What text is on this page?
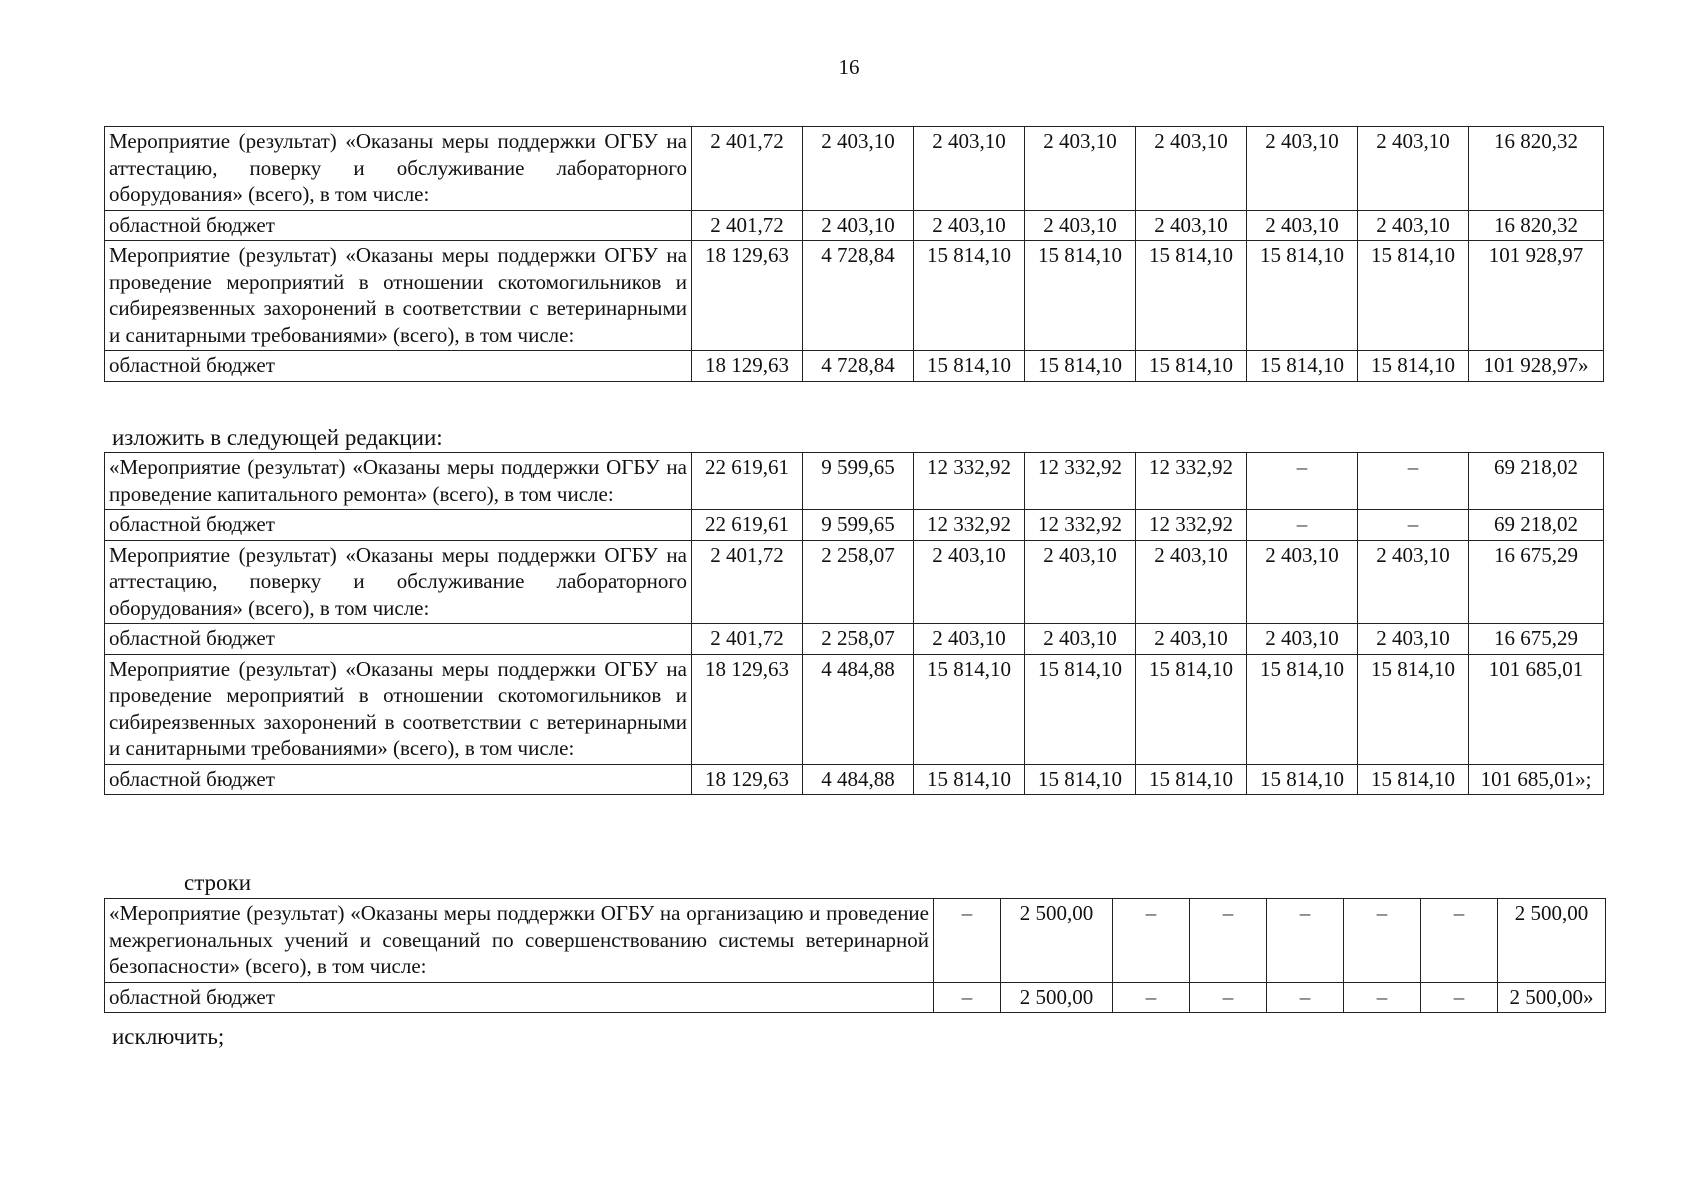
16
Мероприятие (результат) «Оказаны меры поддержки ОГБУ на аттестацию, поверку и обслуживание лабораторного оборудования» (всего), в том числе:	2 401,72	2 403,10	2 403,10	2 403,10	2 403,10	2 403,10	2 403,10	16 820,32
областной бюджет	2 401,72	2 403,10	2 403,10	2 403,10	2 403,10	2 403,10	2 403,10	16 820,32
Мероприятие (результат) «Оказаны меры поддержки ОГБУ на проведение мероприятий в отношении скотомогильников и сибиреязвенных захоронений в соответствии с ветеринарными и санитарными требованиями» (всего), в том числе:	18 129,63	4 728,84	15 814,10	15 814,10	15 814,10	15 814,10	15 814,10	101 928,97
областной бюджет	18 129,63	4 728,84	15 814,10	15 814,10	15 814,10	15 814,10	15 814,10	101 928,97»
изложить в следующей редакции:
«Мероприятие (результат) «Оказаны меры поддержки ОГБУ на проведение капитального ремонта» (всего), в том числе:	22 619,61	9 599,65	12 332,92	12 332,92	12 332,92	–	–	69 218,02
областной бюджет	22 619,61	9 599,65	12 332,92	12 332,92	12 332,92	–	–	69 218,02
Мероприятие (результат) «Оказаны меры поддержки ОГБУ на аттестацию, поверку и обслуживание лабораторного оборудования» (всего), в том числе:	2 401,72	2 258,07	2 403,10	2 403,10	2 403,10	2 403,10	2 403,10	16 675,29
областной бюджет	2 401,72	2 258,07	2 403,10	2 403,10	2 403,10	2 403,10	2 403,10	16 675,29
Мероприятие (результат) «Оказаны меры поддержки ОГБУ на проведение мероприятий в отношении скотомогильников и сибиреязвенных захоронений в соответствии с ветеринарными и санитарными требованиями» (всего), в том числе:	18 129,63	4 484,88	15 814,10	15 814,10	15 814,10	15 814,10	15 814,10	101 685,01
областной бюджет	18 129,63	4 484,88	15 814,10	15 814,10	15 814,10	15 814,10	15 814,10	101 685,01»;
строки
«Мероприятие (результат) «Оказаны меры поддержки ОГБУ на организацию и проведение межрегиональных учений и совещаний по совершенствованию системы ветеринарной безопасности» (всего), в том числе:	–	2 500,00	–	–	–	–	–	2 500,00
областной бюджет	–	2 500,00	–	–	–	–	–	2 500,00»
исключить;
